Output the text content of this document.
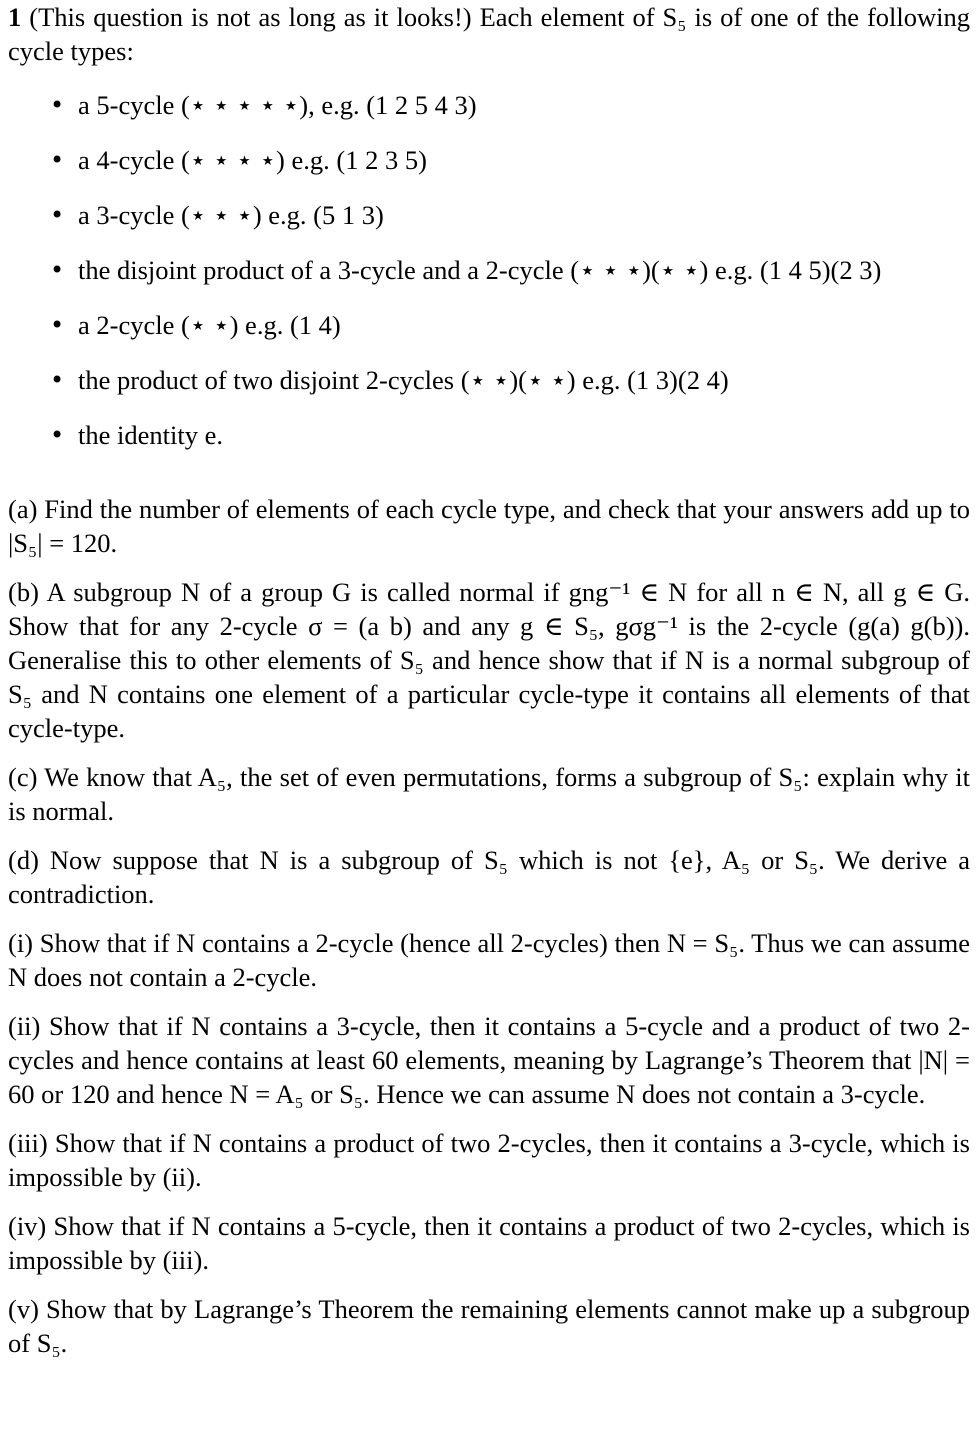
1 (This question is not as long as it looks!) Each element of S₅ is of one of the following cycle types:

• a 5-cycle (⋆ ⋆ ⋆ ⋆ ⋆), e.g. (1 2 5 4 3)
• a 4-cycle (⋆ ⋆ ⋆ ⋆) e.g. (1 2 3 5)
• a 3-cycle (⋆ ⋆ ⋆) e.g. (5 1 3)
• the disjoint product of a 3-cycle and a 2-cycle (⋆ ⋆ ⋆)(⋆ ⋆) e.g. (1 4 5)(2 3)
• a 2-cycle (⋆ ⋆) e.g. (1 4)
• the product of two disjoint 2-cycles (⋆ ⋆)(⋆ ⋆) e.g. (1 3)(2 4)
• the identity e.

(a) Find the number of elements of each cycle type, and check that your answers add up to |S₅| = 120.

(b) A subgroup N of a group G is called normal if gng⁻¹ ∈ N for all n ∈ N, all g ∈ G. Show that for any 2-cycle σ = (a b) and any g ∈ S₅, gσg⁻¹ is the 2-cycle (g(a) g(b)). Generalise this to other elements of S₅ and hence show that if N is a normal subgroup of S₅ and N contains one element of a particular cycle-type it contains all elements of that cycle-type.

(c) We know that A₅, the set of even permutations, forms a subgroup of S₅: explain why it is normal.

(d) Now suppose that N is a subgroup of S₅ which is not {e}, A₅ or S₅. We derive a contradiction.

(i) Show that if N contains a 2-cycle (hence all 2-cycles) then N = S₅. Thus we can assume N does not contain a 2-cycle.

(ii) Show that if N contains a 3-cycle, then it contains a 5-cycle and a product of two 2-cycles and hence contains at least 60 elements, meaning by Lagrange’s Theorem that |N| = 60 or 120 and hence N = A₅ or S₅. Hence we can assume N does not contain a 3-cycle.

(iii) Show that if N contains a product of two 2-cycles, then it contains a 3-cycle, which is impossible by (ii).

(iv) Show that if N contains a 5-cycle, then it contains a product of two 2-cycles, which is impossible by (iii).

(v) Show that by Lagrange’s Theorem the remaining elements cannot make up a subgroup of S₅.
